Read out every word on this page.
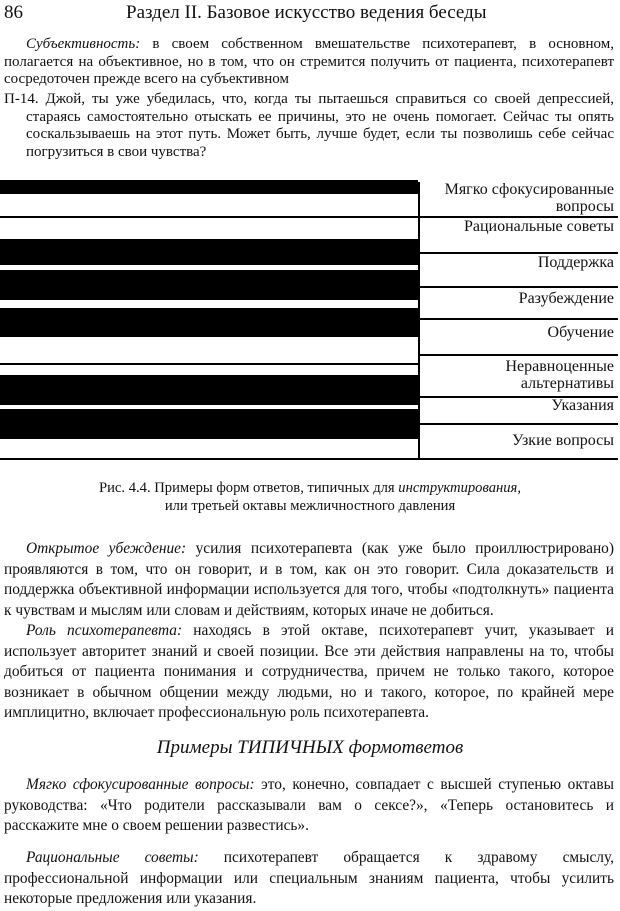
86	Раздел II. Базовое искусство ведения беседы
Субъективность: в своем собственном вмешательстве психотерапевт, в основном, полагается на объективное, но в том, что он стремится получить от пациента, психотерапевт сосредоточен прежде всего на субъективном
П-14. Джой, ты уже убедилась, что, когда ты пытаешься справиться со своей депрессией, стараясь самостоятельно отыскать ее причины, это не очень помогает. Сейчас ты опять соскальзываешь на этот путь. Может быть, лучше будет, если ты позволишь себе сейчас погрузиться в свои чувства?
Мягко сфокусированные вопросы
Рациональные советы
Поддержка
Разубеждение
Обучение
Неравноценные альтернативы
Указания
Узкие вопросы
Рис. 4.4. Примеры форм ответов, типичных для инструктирования,
или третьей октавы межличностного давления
Открытое убеждение: усилия психотерапевта (как уже было проиллюстрировано) проявляются в том, что он говорит, и в том, как он это говорит. Сила доказательств и поддержка объективной информации используется для того, чтобы «подтолкнуть» пациента к чувствам и мыслям или словам и действиям, которых иначе не добиться.
Роль психотерапевта: находясь в этой октаве, психотерапевт учит, указывает и использует авторитет знаний и своей позиции. Все эти действия направлены на то, чтобы добиться от пациента понимания и сотрудничества, причем не только такого, которое возникает в обычном общении между людьми, но и такого, которое, по крайней мере имплицитно, включает профессиональную роль психотерапевта.
Примеры ТИПИЧНЫХ формответов
Мягко сфокусированные вопросы: это, конечно, совпадает с высшей ступенью октавы руководства: «Что родители рассказывали вам о сексе?», «Теперь остановитесь и расскажите мне о своем решении развестись».
Рациональные советы: психотерапевт обращается к здравому смыслу, профессиональной информации или специальным знаниям пациента, чтобы усилить некоторые предложения или указания.
